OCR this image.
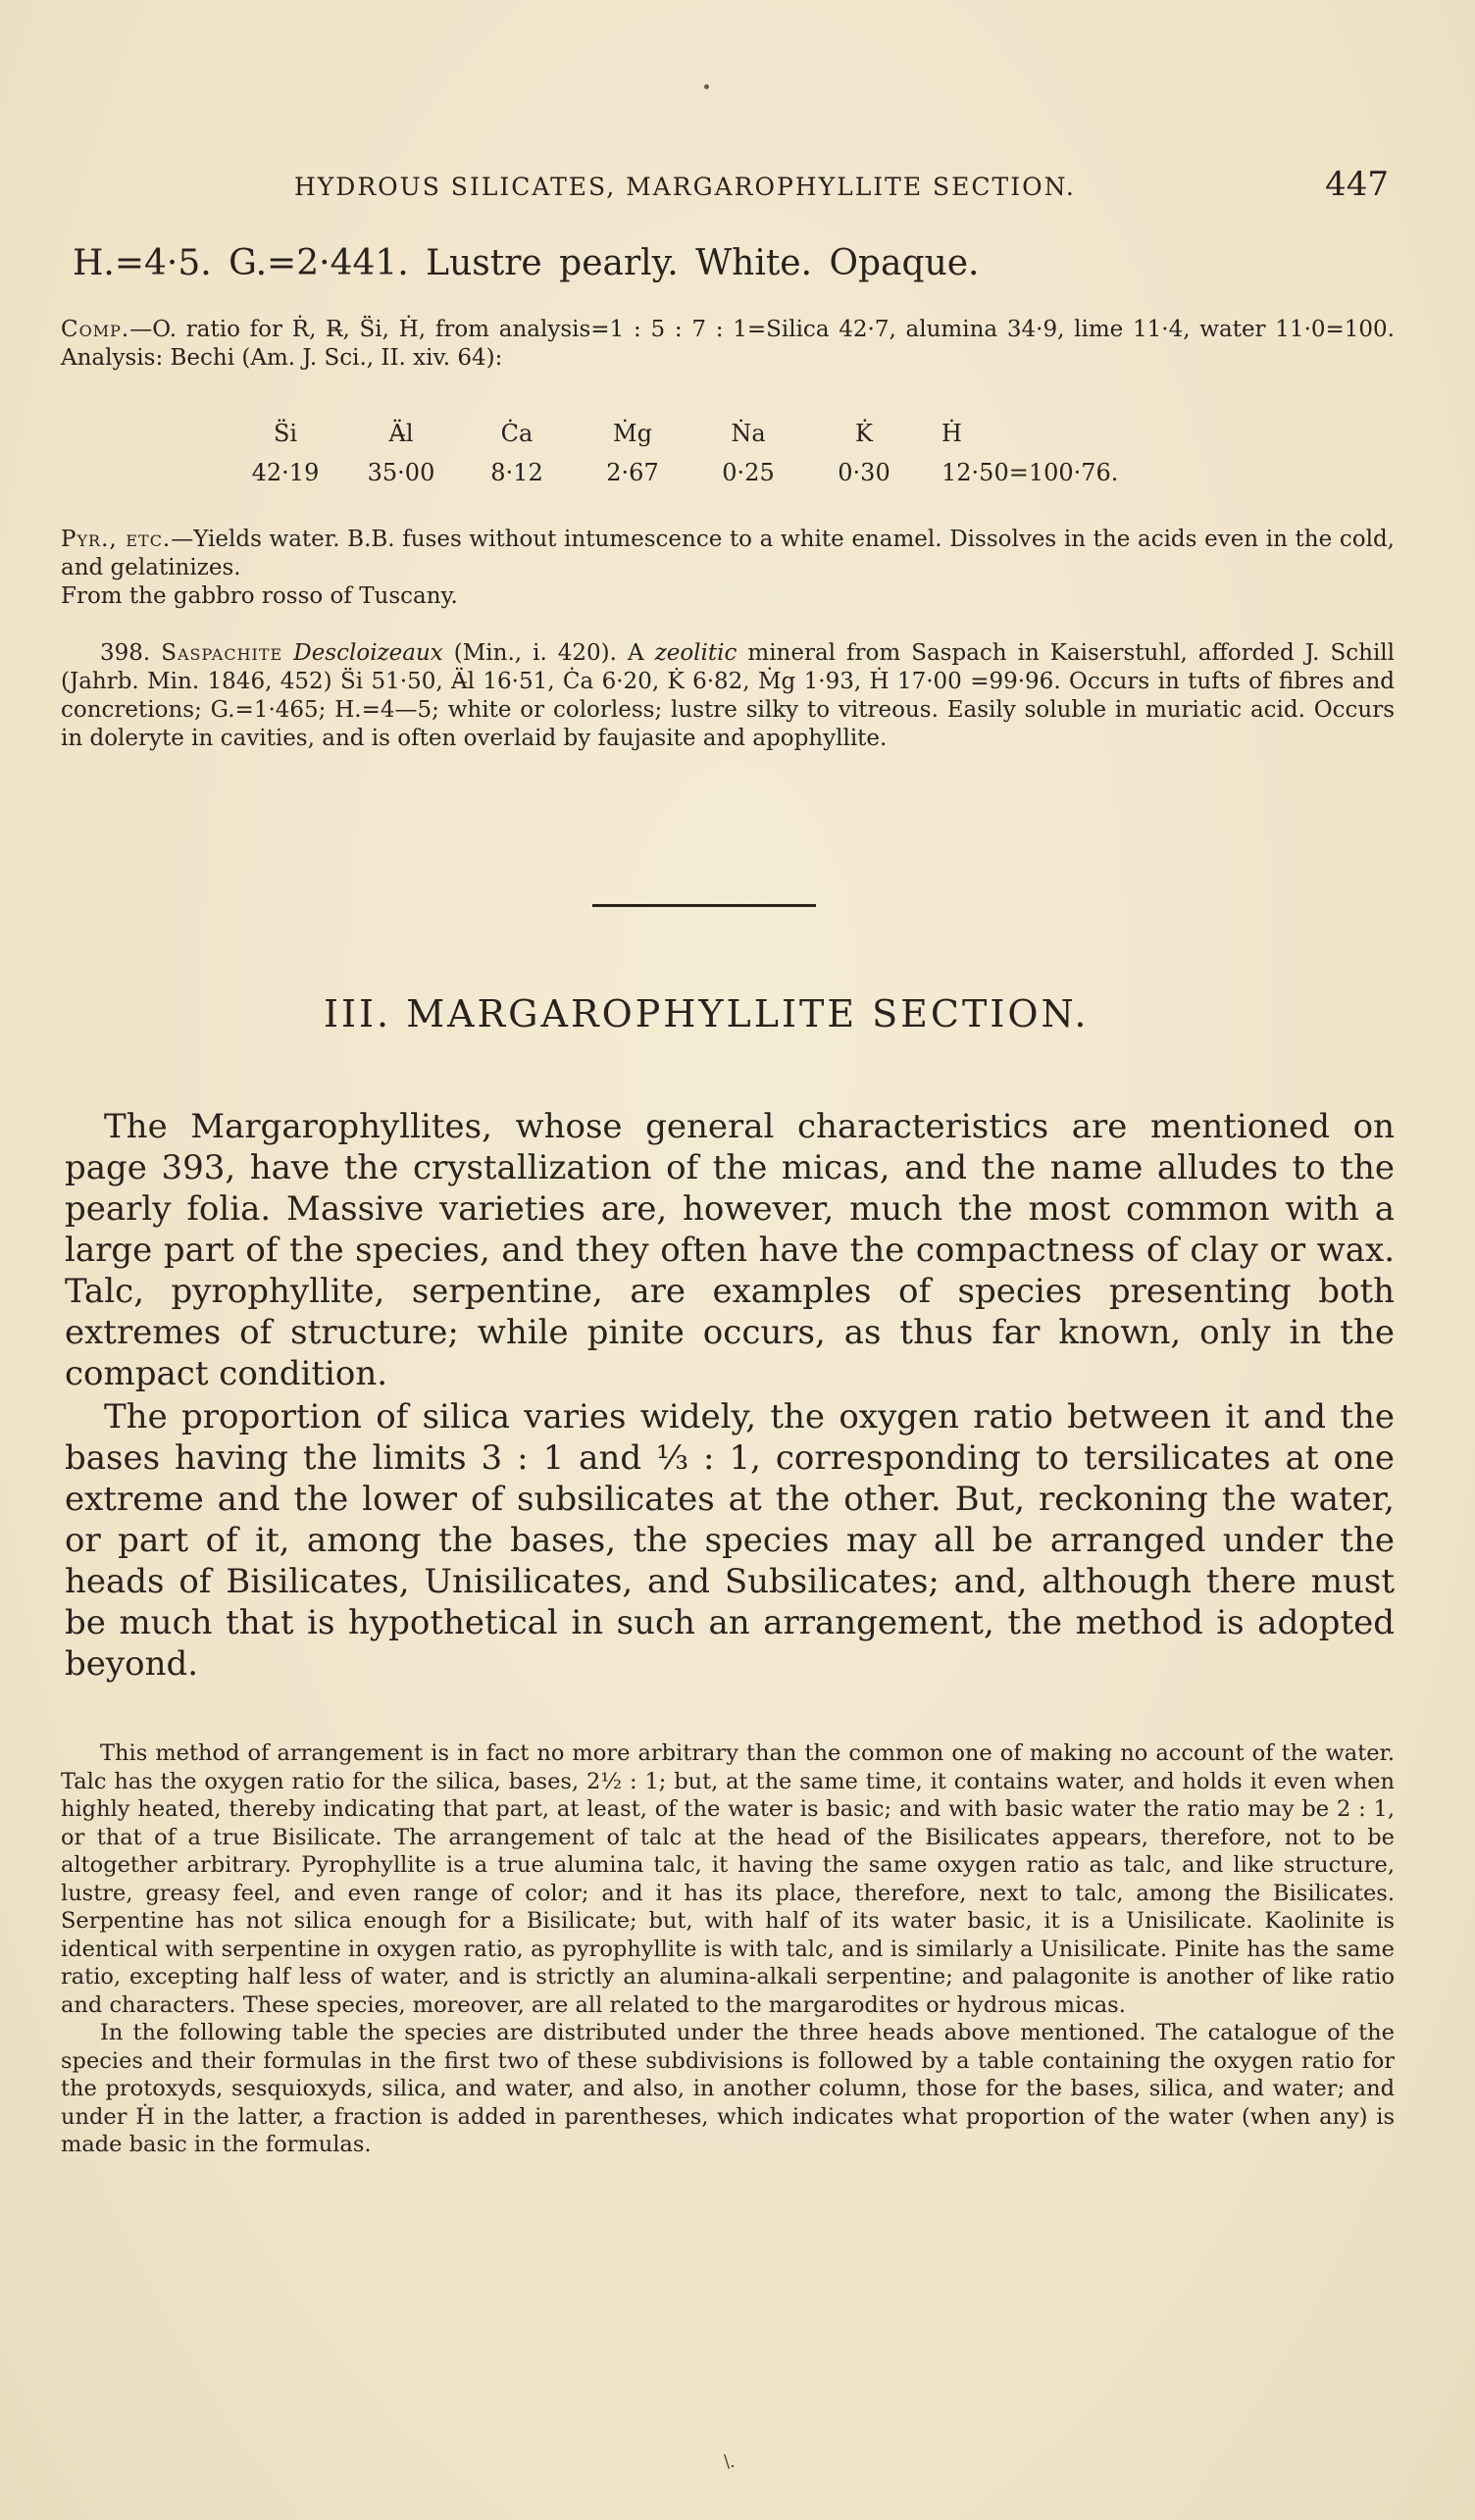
HYDROUS SILICATES, MARGAROPHYLLITE SECTION.	447
H.=4·5. G.=2·441. Lustre pearly. White. Opaque.

Comp.—O. ratio for Ṙ, R̶, S̈i, Ḣ, from analysis=1 : 5 : 7 : 1=Silica 42·7, alumina 34·9, lime 11·4, water 11·0=100. Analysis: Bechi (Am. J. Sci., II. xiv. 64):

S̈i	Ä̶l	Ċa	Ṁg	Ṅa	K̇	Ḣ
42·19	35·00	8·12	2·67	0·25	0·30	12·50=100·76.

Pyr., etc.—Yields water. B.B. fuses without intumescence to a white enamel. Dissolves in the acids even in the cold, and gelatinizes.

From the gabbro rosso of Tuscany.

398. Saspachite Descloizeaux (Min., i. 420). A zeolitic mineral from Saspach in Kaiserstuhl, afforded J. Schill (Jahrb. Min. 1846, 452) S̈i 51·50, Ä̶l 16·51, Ċa 6·20, K̇ 6·82, Ṁg 1·93, Ḣ 17·00 =99·96. Occurs in tufts of fibres and concretions; G.=1·465; H.=4—5; white or colorless; lustre silky to vitreous. Easily soluble in muriatic acid. Occurs in doleryte in cavities, and is often overlaid by faujasite and apophyllite.

III. MARGAROPHYLLITE SECTION.

The Margarophyllites, whose general characteristics are mentioned on page 393, have the crystallization of the micas, and the name alludes to the pearly folia. Massive varieties are, however, much the most common with a large part of the species, and they often have the compactness of clay or wax. Talc, pyrophyllite, serpentine, are examples of species presenting both extremes of structure; while pinite occurs, as thus far known, only in the compact condition.

The proportion of silica varies widely, the oxygen ratio between it and the bases having the limits 3 : 1 and ⅓ : 1, corresponding to tersilicates at one extreme and the lower of subsilicates at the other. But, reckoning the water, or part of it, among the bases, the species may all be arranged under the heads of Bisilicates, Unisilicates, and Subsilicates; and, although there must be much that is hypothetical in such an arrangement, the method is adopted beyond.

This method of arrangement is in fact no more arbitrary than the common one of making no account of the water. Talc has the oxygen ratio for the silica, bases, 2½ : 1; but, at the same time, it contains water, and holds it even when highly heated, thereby indicating that part, at least, of the water is basic; and with basic water the ratio may be 2 : 1, or that of a true Bisilicate. The arrangement of talc at the head of the Bisilicates appears, therefore, not to be altogether arbitrary. Pyrophyllite is a true alumina talc, it having the same oxygen ratio as talc, and like structure, lustre, greasy feel, and even range of color; and it has its place, therefore, next to talc, among the Bisilicates. Serpentine has not silica enough for a Bisilicate; but, with half of its water basic, it is a Unisilicate. Kaolinite is identical with serpentine in oxygen ratio, as pyrophyllite is with talc, and is similarly a Unisilicate. Pinite has the same ratio, excepting half less of water, and is strictly an alumina-alkali serpentine; and palagonite is another of like ratio and characters. These species, moreover, are all related to the margarodites or hydrous micas.

In the following table the species are distributed under the three heads above mentioned. The catalogue of the species and their formulas in the first two of these subdivisions is followed by a table containing the oxygen ratio for the protoxyds, sesquioxyds, silica, and water, and also, in another column, those for the bases, silica, and water; and under Ḣ in the latter, a fraction is added in parentheses, which indicates what proportion of the water (when any) is made basic in the formulas.

\.
